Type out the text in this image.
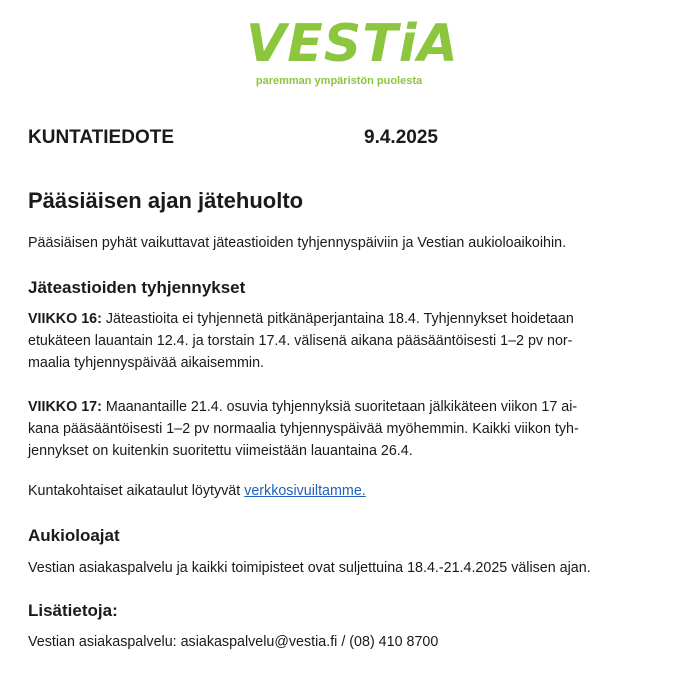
VESTiA
paremman ympäristön puolesta
KUNTATIEDOTE	9.4.2025
Pääsiäisen ajan jätehuolto

Pääsiäisen pyhät vaikuttavat jäteastioiden tyhjennyspäiviin ja Vestian aukioloaikoihin.

Jäteastioiden tyhjennykset

VIIKKO 16: Jäteastioita ei tyhjennetä pitkänäperjantaina 18.4. Tyhjennykset hoidetaan
etukäteen lauantain 12.4. ja torstain 17.4. välisenä aikana pääsääntöisesti 1–2 pv nor-
maalia tyhjennyspäivää aikaisemmin.

VIIKKO 17: Maanantaille 21.4. osuvia tyhjennyksiä suoritetaan jälkikäteen viikon 17 ai-
kana pääsääntöisesti 1–2 pv normaalia tyhjennyspäivää myöhemmin. Kaikki viikon tyh-
jennykset on kuitenkin suoritettu viimeistään lauantaina 26.4.

Kuntakohtaiset aikataulut löytyvät verkkosivuiltamme.

Aukioloajat

Vestian asiakaspalvelu ja kaikki toimipisteet ovat suljettuina 18.4.-21.4.2025 välisen ajan.

Lisätietoja:

Vestian asiakaspalvelu: asiakaspalvelu@vestia.fi / (08) 410 8700
